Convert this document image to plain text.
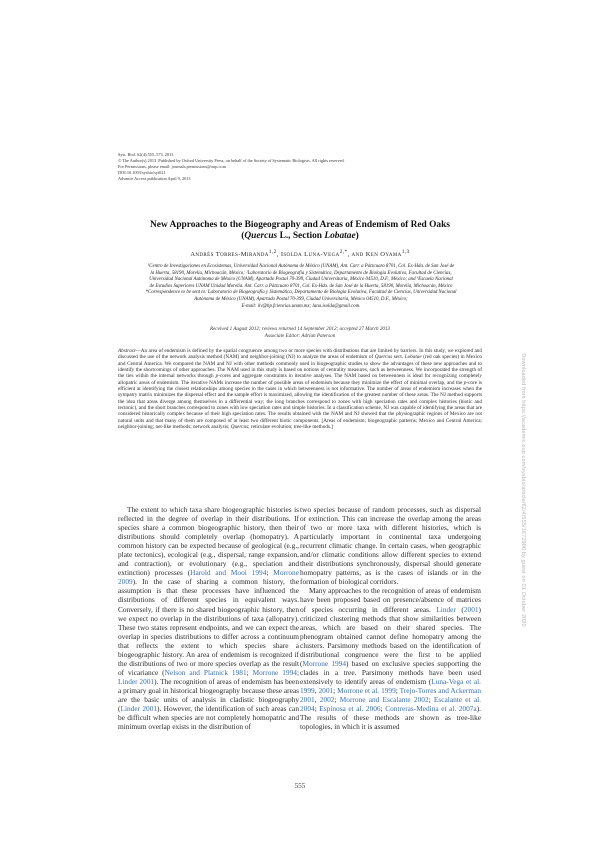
Syst. Biol. 62(4):555–573, 2013
© The Author(s) 2013. Published by Oxford University Press, on behalf of the Society of Systematic Biologists. All rights reserved.
For Permissions, please email: journals.permissions@oup.com
DOI:10.1093/sysbio/syt021
Advance Access publication April 9, 2013
New Approaches to the Biogeography and Areas of Endemism of Red Oaks
(Quercus L., Section Lobatae)
Andrés Torres-Miranda$^{1,2}$, Isolda Luna-Vega$^{2,*}$, and Ken Oyama$^{1,3}$
¹Centro de Investigaciones en Ecosistemas, Universidad Nacional Autónoma de México (UNAM), Ant. Carr. a Pátzcuaro 8701, Col. Ex-Hda. de San José de
la Huerta, 58190, Morelia, Michoacán, México; ²Laboratorio de Biogeografía y Sistemática, Departamento de Biología Evolutiva, Facultad de Ciencias,
Universidad Nacional Autónoma de México (UNAM), Apartado Postal 70-399, Ciudad Universitaria, México 04510, D.F., México; and ³Escuela Nacional
de Estudios Superiores UNAM Unidad Morelia. Ant. Carr. a Pátzcuaro 8701, Col. Ex-Hda. de San José de la Huerta, 58190, Morelia, Michoacán, México
*Correspondence to be sent to: Laboratorio de Biogeografía y Sistemática, Departamento de Biología Evolutiva, Facultad de Ciencias, Universidad Nacional
Autónoma de México (UNAM), Apartado Postal 70-399, Ciudad Universitaria, México 04510, D.F., México;
E-mail: ilv@hp.fciencias.unam.mx; luna.isolda@gmail.com.
Received 1 August 2012; reviews returned 14 September 2012; accepted 27 March 2013
Associate Editor: Adrian Paterson
Abstract—An area of endemism is defined by the spatial congruence among two or more species with distributions that are limited by barriers. In this study, we explored and discussed the use of the network analysis method (NAM) and neighbor-joining (NJ) to analyze the areas of endemism of Quercus sect. Lobatae (red oak species) in Mexico and Central America. We compared the NAM and NJ with other methods commonly used in biogeographic studies to show the advantages of these new approaches and to identify the shortcomings of other approaches. The NAM used in this study is based on notions of centrality measures, such as betweenness. We incorporated the strength of the ties within the internal networks through p-cores and aggregate constraints in iterative analyses. The NAM based on betweenness is ideal for recognizing completely allopatric areas of endemism. The iterative NAMs increase the number of possible areas of endemism because they minimize the effect of minimal overlap, and the p-core is efficient at identifying the closest relationships among species in the cases in which betweenness is not informative. The number of areas of endemism increases when the sympatry matrix minimizes the dispersal effect and the sample effort is maximized, allowing the identification of the greatest number of these areas. The NJ method supports the idea that areas diverge among themselves in a differential way; the long branches correspond to zones with high speciation rates and complex histories (biotic and tectonic), and the short branches correspond to zones with low speciation rates and simple histories. In a classification scheme, NJ was capable of identifying the areas that are considered historically complex because of their high speciation rates. The results obtained with the NAM and NJ showed that the physiographic regions of Mexico are not natural units and that many of them are composed of at least two different biotic components. [Areas of endemism; biogeographic patterns; Mexico and Central America; neighbor-joining; net-like methods; network analysis; Quercus; reticulate evolution; tree-like methods.]

The extent to which taxa share biogeographic histories is reflected in the degree of overlap in their distributions. If species share a common biogeographic history, then their distributions should completely overlap (homopatry). A common history can be expected because of geological (e.g., plate tectonics), ecological (e.g., dispersal, range expansion, and contraction), or evolutionary (e.g., speciation and extinction) processes (Harold and Mooi 1994; Morrone 2009). In the case of sharing a common history, the assumption is that these processes have influenced the distributions of different species in equivalent ways. Conversely, if there is no shared biogeographic history, then we expect no overlap in the distributions of taxa (allopatry). These two states represent endpoints, and we can expect the overlap in species distributions to differ across a continuum that reflects the extent to which species share a biogeographic history. An area of endemism is recognized if the distributions of two or more species overlap as the result of vicariance (Nelson and Platnick 1981; Morrone 1994; Linder 2001). The recognition of areas of endemism has been a primary goal in historical biogeography because these areas are the basic units of analysis in cladistic biogeography (Linder 2001). However, the identification of such areas can be difficult when species are not completely homopatric and minimum overlap exists in the distribution of

two species because of random processes, such as dispersal or extinction. This can increase the overlap among the areas of two or more taxa with different histories, which is particularly important in continental taxa undergoing recurrent climatic change. In certain cases, when geographic and/or climatic conditions allow different species to extend their distributions synchronously, dispersal should generate homopatry patterns, as is the cases of islands or in the formation of biological corridors.

Many approaches to the recognition of areas of endemism have been proposed based on presence/absence of matrices of species occurring in different areas. Linder (2001) criticized clustering methods that show similarities between areas, which are based on their shared species. The phenogram obtained cannot define homopatry among the clusters. Parsimony methods based on the identification of distributional congruence were the first to be applied (Morrone 1994) based on exclusive species supporting the clades in a tree. Parsimony methods have been used extensively to identify areas of endemism (Luna-Vega et al. 1999, 2001; Morrone et al. 1999; Trejo-Torres and Ackerman 2001, 2002; Morrone and Escalante 2002; Escalante et al. 2004; Espinosa et al. 2006; Contreras-Medina et al. 2007a). The results of these methods are shown as tree-like topologies, in which it is assumed

555
Downloaded from https://academic.oup.com/sysbio/article/62/4/555/1672986 by guest on 01 October 2020
